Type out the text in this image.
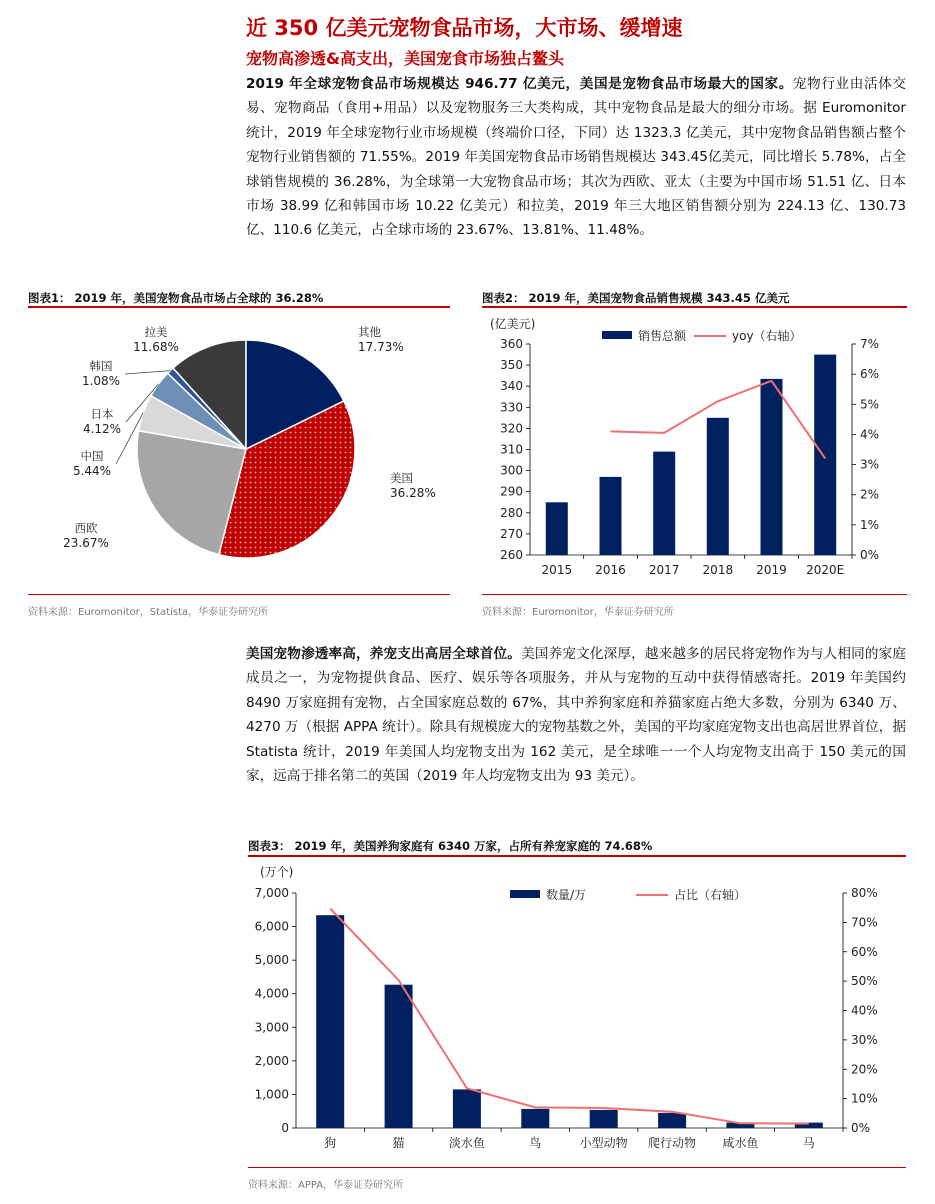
近 350 亿美元宠物食品市场，大市场、缓增速
宠物高渗透&高支出，美国宠食市场独占鳌头
2019 年全球宠物食品市场规模达 946.77 亿美元，美国是宠物食品市场最大的国家。宠物行业由活体交易、宠物商品（食用+用品）以及宠物服务三大类构成，其中宠物食品是最大的细分市场。据 Euromonitor 统计，2019 年全球宠物行业市场规模（终端价口径，下同）达 1323.3 亿美元，其中宠物食品销售额占整个宠物行业销售额的 71.55%。2019 年美国宠物食品市场销售规模达 343.45亿美元，同比增长 5.78%，占全球销售规模的 36.28%，为全球第一大宠物食品市场；其次为西欧、亚太（主要为中国市场 51.51 亿、日本市场 38.99 亿和韩国市场 10.22 亿美元）和拉美，2019 年三大地区销售额分别为 224.13 亿、130.73 亿、110.6 亿美元，占全球市场的 23.67%、13.81%、11.48%。
图表1： 2019 年，美国宠物食品市场占全球的 36.28%
美国
36.28%
西欧
23.67%
中国
5.44%
日本
4.12%
韩国
1.08%
拉美
11.68%
其他
17.73%
资料来源：Euromonitor，Statista，华泰证券研究所
图表2： 2019 年，美国宠物食品销售规模 343.45 亿美元
(亿美元)
260
270
280
290
300
310
320
330
340
350
360
0%
1%
2%
3%
4%
5%
6%
7%
2015 2016 2017 2018 2019 2020E
销售总额	yoy（右轴）
资料来源：Euromonitor，华泰证券研究所
美国宠物渗透率高，养宠支出高居全球首位。美国养宠文化深厚，越来越多的居民将宠物作为与人相同的家庭成员之一，为宠物提供食品、医疗、娱乐等各项服务，并从与宠物的互动中获得情感寄托。2019 年美国约 8490 万家庭拥有宠物，占全国家庭总数的 67%，其中养狗家庭和养猫家庭占绝大多数，分别为 6340 万、4270 万（根据 APPA 统计）。除具有规模庞大的宠物基数之外，美国的平均家庭宠物支出也高居世界首位，据 Statista 统计，2019 年美国人均宠物支出为 162 美元，是全球唯一一个人均宠物支出高于 150 美元的国家，远高于排名第二的英国（2019 年人均宠物支出为 93 美元）。
图表3： 2019 年，美国养狗家庭有 6340 万家，占所有养宠家庭的 74.68%
(万个)
0
1,000
2,000
3,000
4,000
5,000
6,000
7,000
0%
10%
20%
30%
40%
50%
60%
70%
80%
狗	猫	淡水鱼	鸟	小型动物 爬行动物 咸水鱼	马
数量/万	占比（右轴）
资料来源：APPA，华泰证券研究所
